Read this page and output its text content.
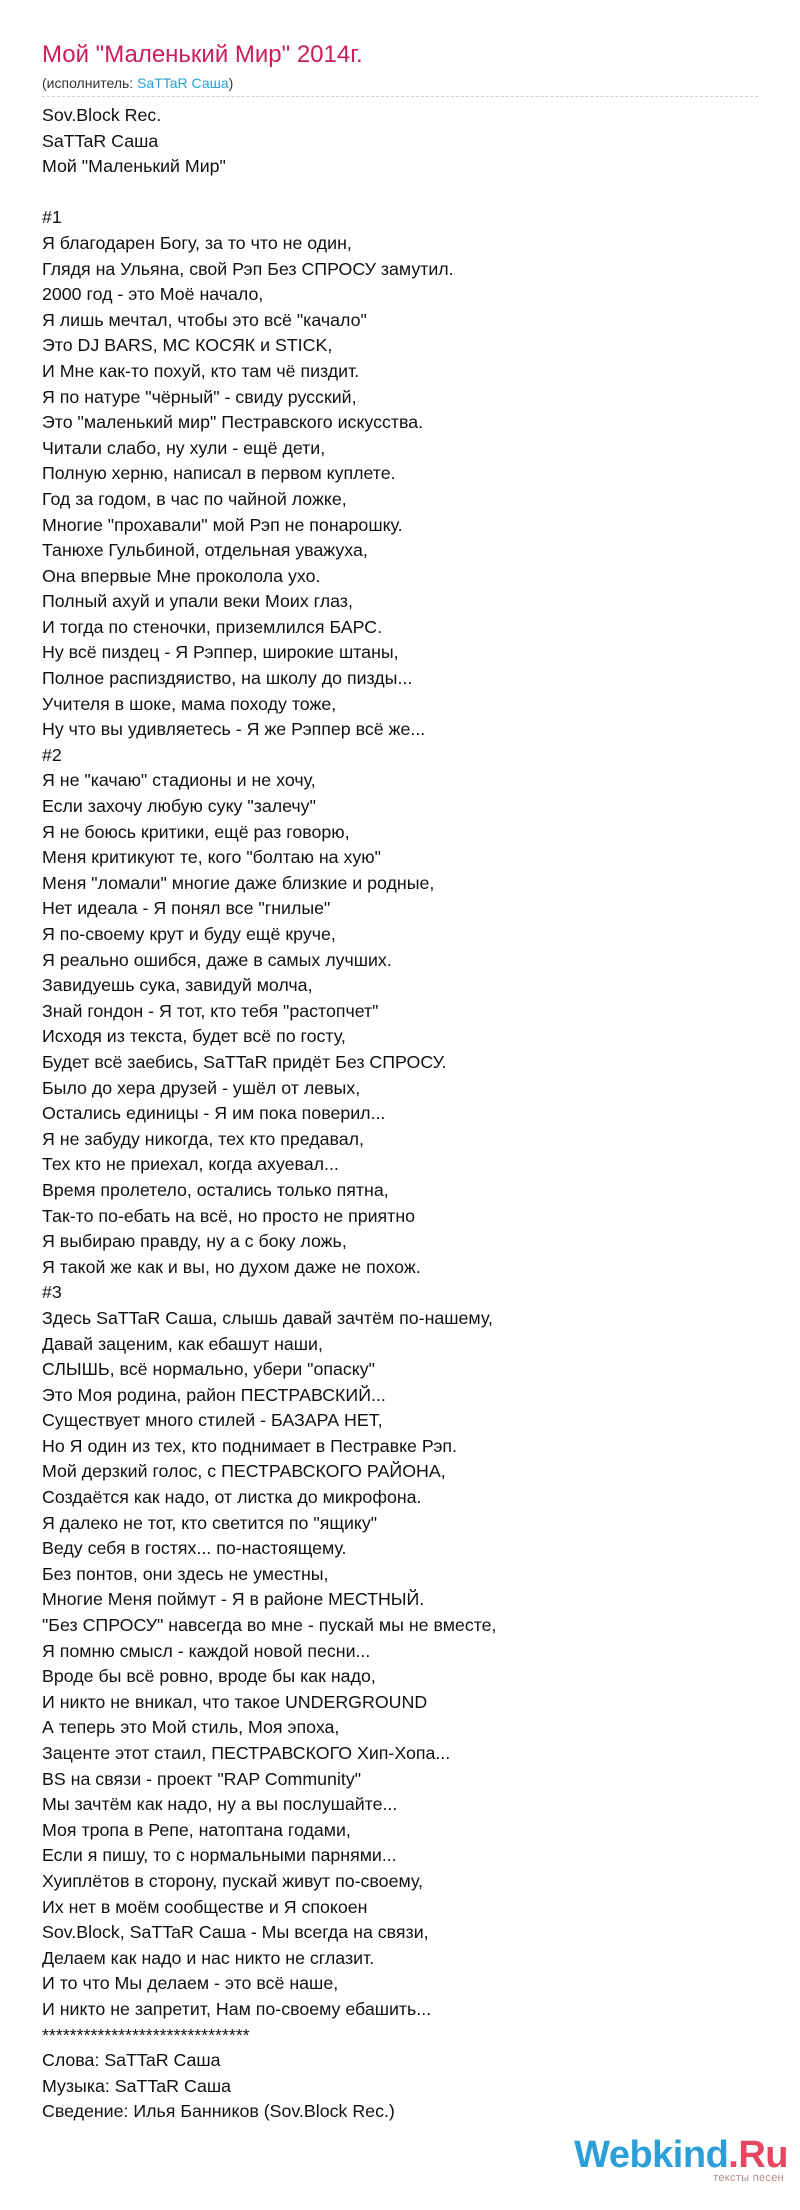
Мой "Маленький Мир" 2014г.
(исполнитель: SaTTaR Саша)
Sov.Block Rec.
SaTTaR Саша
Мой "Маленький Мир"
#1
Я благодарен Богу, за то что не один,
Глядя на Ульяна, свой Рэп Без СПРОСУ замутил.
2000 год - это Моё начало,
Я лишь мечтал, чтобы это всё "качало"
Это DJ BARS, MC КОСЯК и STICK,
И Мне как-то похуй, кто там чё пиздит.
Я по натуре "чёрный" - свиду русский,
Это "маленький мир" Пестравского искусства.
Читали слабо, ну хули - ещё дети,
Полную херню, написал в первом куплете.
Год за годом, в час по чайной ложке,
Многие "прохавали" мой Рэп не понарошку.
Танюхе Гульбиной, отдельная уважуха,
Она впервые Мне проколола ухо.
Полный ахуй и упали веки Моих глаз,
И тогда по стеночки, приземлился БАРС.
Ну всё пиздец - Я Рэппер, широкие штаны,
Полное распиздяиство, на школу до пизды...
Учителя в шоке, мама походу тоже,
Ну что вы удивляетесь - Я же Рэппер всё же...
#2
Я не "качаю" стадионы и не хочу,
Если захочу любую суку "залечу"
Я не боюсь критики, ещё раз говорю,
Меня критикуют те, кого "болтаю на хую"
Меня "ломали" многие даже близкие и родные,
Нет идеала - Я понял все "гнилые"
Я по-своему крут и буду ещё круче,
Я реально ошибся, даже в самых лучших.
Завидуешь сука, завидуй молча,
Знай гондон - Я тот, кто тебя "растопчет"
Исходя из текста, будет всё по госту,
Будет всё заебись, SaTTaR придёт Без СПРОСУ.
Было до хера друзей - ушёл от левых,
Остались единицы - Я им пока поверил...
Я не забуду никогда, тех кто предавал,
Тех кто не приехал, когда ахуевал...
Время пролетело, остались только пятна,
Так-то по-ебать на всё, но просто не приятно
Я выбираю правду, ну а с боку ложь,
Я такой же как и вы, но духом даже не похож.
#3
Здесь SaTTaR Саша, слышь давай зачтём по-нашему,
Давай заценим, как ебашут наши,
СЛЫШЬ, всё нормально, убери "опаску"
Это Моя родина, район ПЕСТРАВСКИЙ...
Существует много стилей - БАЗАРА НЕТ,
Но Я один из тех, кто поднимает в Пестравке Рэп.
Мой дерзкий голос, с ПЕСТРАВСКОГО РАЙОНА,
Создаётся как надо, от листка до микрофона.
Я далеко не тот, кто светится по "ящику"
Веду себя в гостях... по-настоящему.
Без понтов, они здесь не уместны,
Многие Меня поймут - Я в районе МЕСТНЫЙ.
"Без СПРОСУ" навсегда во мне - пускай мы не вместе,
Я помню смысл - каждой новой песни...
Вроде бы всё ровно, вроде бы как надо,
И никто не вникал, что такое UNDERGROUND
А теперь это Мой стиль, Моя эпоха,
Заценте этот стаил, ПЕСТРАВСКОГО Хип-Хопа...
BS на связи - проект "RAP Community"
Мы зачтём как надо, ну а вы послушайте...
Моя тропа в Репе, натоптана годами,
Если я пишу, то с нормальными парнями...
Хуиплётов в сторону, пускай живут по-своему,
Их нет в моём сообществе и Я спокоен
Sov.Block, SaTTaR Саша - Мы всегда на связи,
Делаем как надо и нас никто не сглазит.
И то что Мы делаем - это всё наше,
И никто не запретит, Нам по-своему ебашить...
******************************
Слова: SaTTaR Саша
Музыка: SaTTaR Саша
Сведение: Илья Банников (Sov.Block Rec.)
Webkind.Ru
тексты песен
